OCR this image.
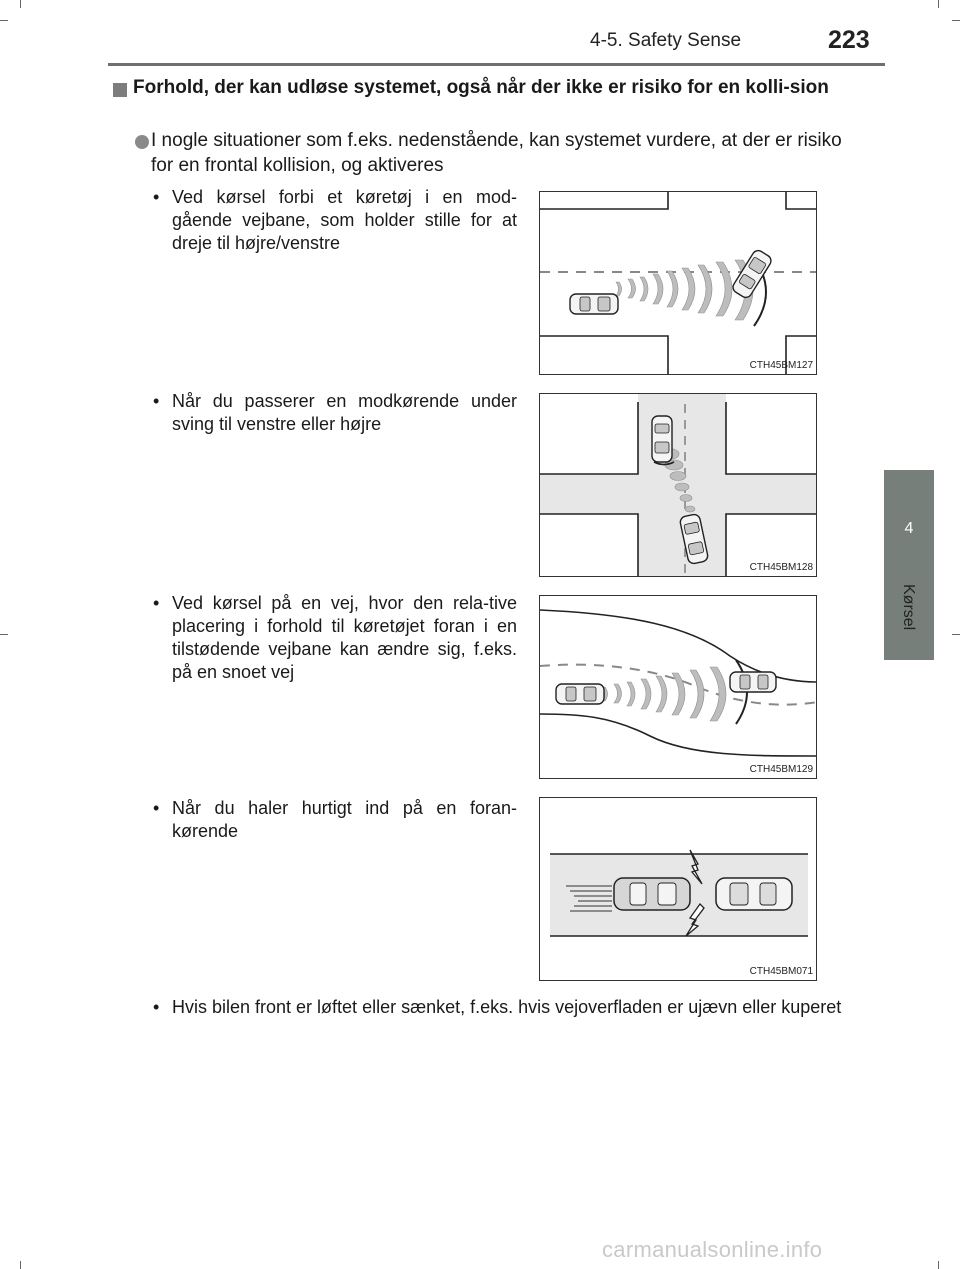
4-5. Safety Sense	223
4
Kørsel
Forhold, der kan udløse systemet, også når der ikke er risiko for en kolli-sion
I nogle situationer som f.eks. nedenstående, kan systemet vurdere, at der er risiko for en frontal kollision, og aktiveres
• Ved kørsel forbi et køretøj i en mod-gående vejbane, som holder stille for at dreje til højre/venstre
CTH45BM127
• Når du passerer en modkørende under sving til venstre eller højre
CTH45BM128
• Ved kørsel på en vej, hvor den rela-tive placering i forhold til køretøjet foran i en tilstødende vejbane kan ændre sig, f.eks. på en snoet vej
CTH45BM129
• Når du haler hurtigt ind på en foran-kørende
CTH45BM071
• Hvis bilen front er løftet eller sænket, f.eks. hvis vejoverfladen er ujævn eller kuperet
carmanualsonline.info
